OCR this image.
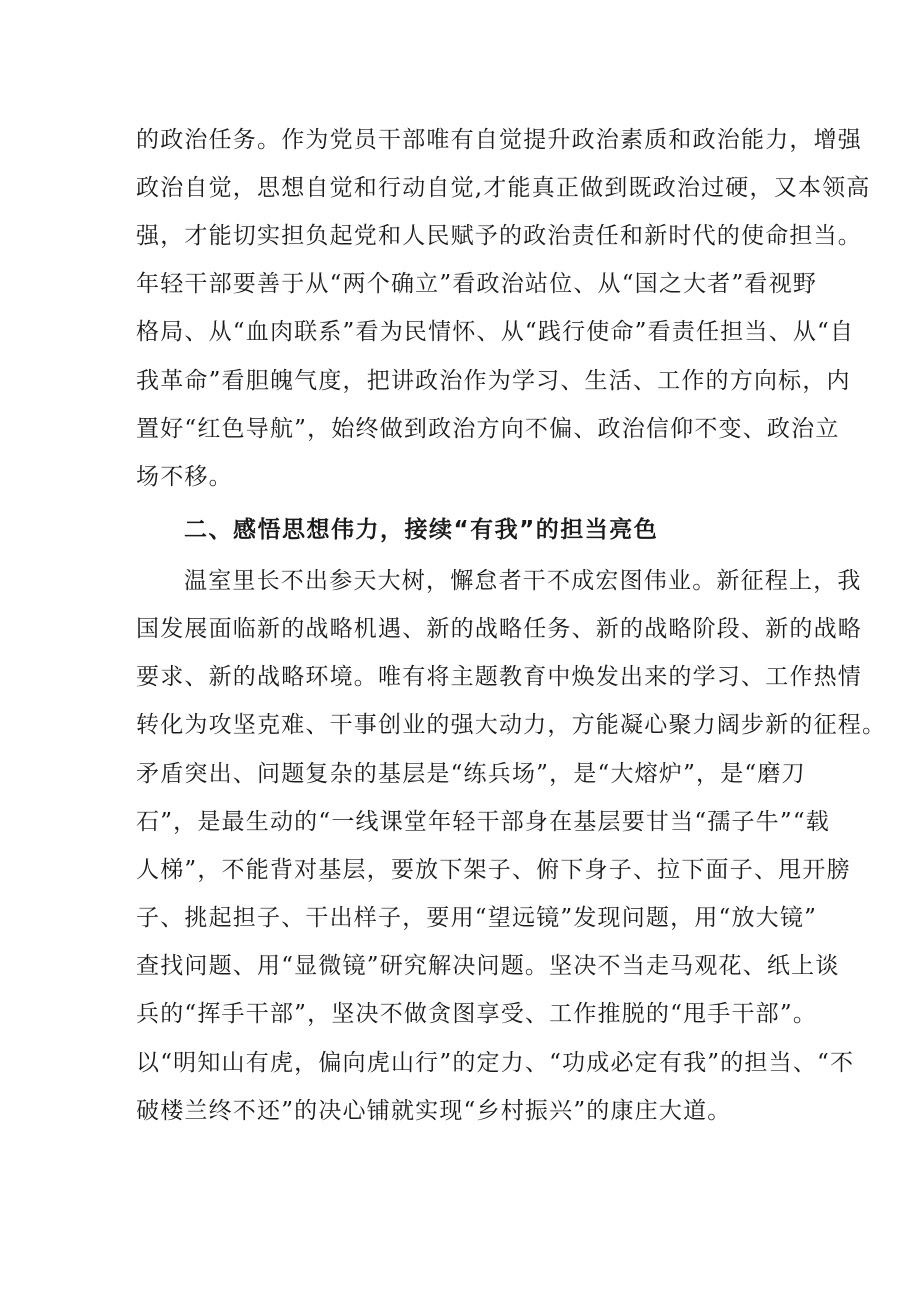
的政治任务。作为党员干部唯有自觉提升政治素质和政治能力，增强
政治自觉，思想自觉和行动自觉,才能真正做到既政治过硬，又本领高
强，才能切实担负起党和人民赋予的政治责任和新时代的使命担当。
年轻干部要善于从“两个确立”看政治站位、从“国之大者”看视野
格局、从“血肉联系”看为民情怀、从“践行使命”看责任担当、从“自
我革命”看胆魄气度，把讲政治作为学习、生活、工作的方向标，内
置好“红色导航”，始终做到政治方向不偏、政治信仰不变、政治立
场不移。
二、感悟思想伟力，接续“有我”的担当亮色
温室里长不出参天大树，懈怠者干不成宏图伟业。新征程上，我
国发展面临新的战略机遇、新的战略任务、新的战略阶段、新的战略
要求、新的战略环境。唯有将主题教育中焕发出来的学习、工作热情
转化为攻坚克难、干事创业的强大动力，方能凝心聚力阔步新的征程。
矛盾突出、问题复杂的基层是“练兵场”，是“大熔炉”，是“磨刀
石”，是最生动的“一线课堂年轻干部身在基层要甘当“孺子牛”“载
人梯”，不能背对基层，要放下架子、俯下身子、拉下面子、甩开膀
子、挑起担子、干出样子，要用“望远镜”发现问题，用“放大镜”
查找问题、用“显微镜”研究解决问题。坚决不当走马观花、纸上谈
兵的“挥手干部”，坚决不做贪图享受、工作推脱的“甩手干部”。
以“明知山有虎，偏向虎山行”的定力、“功成必定有我”的担当、“不
破楼兰终不还”的决心铺就实现“乡村振兴”的康庄大道。
